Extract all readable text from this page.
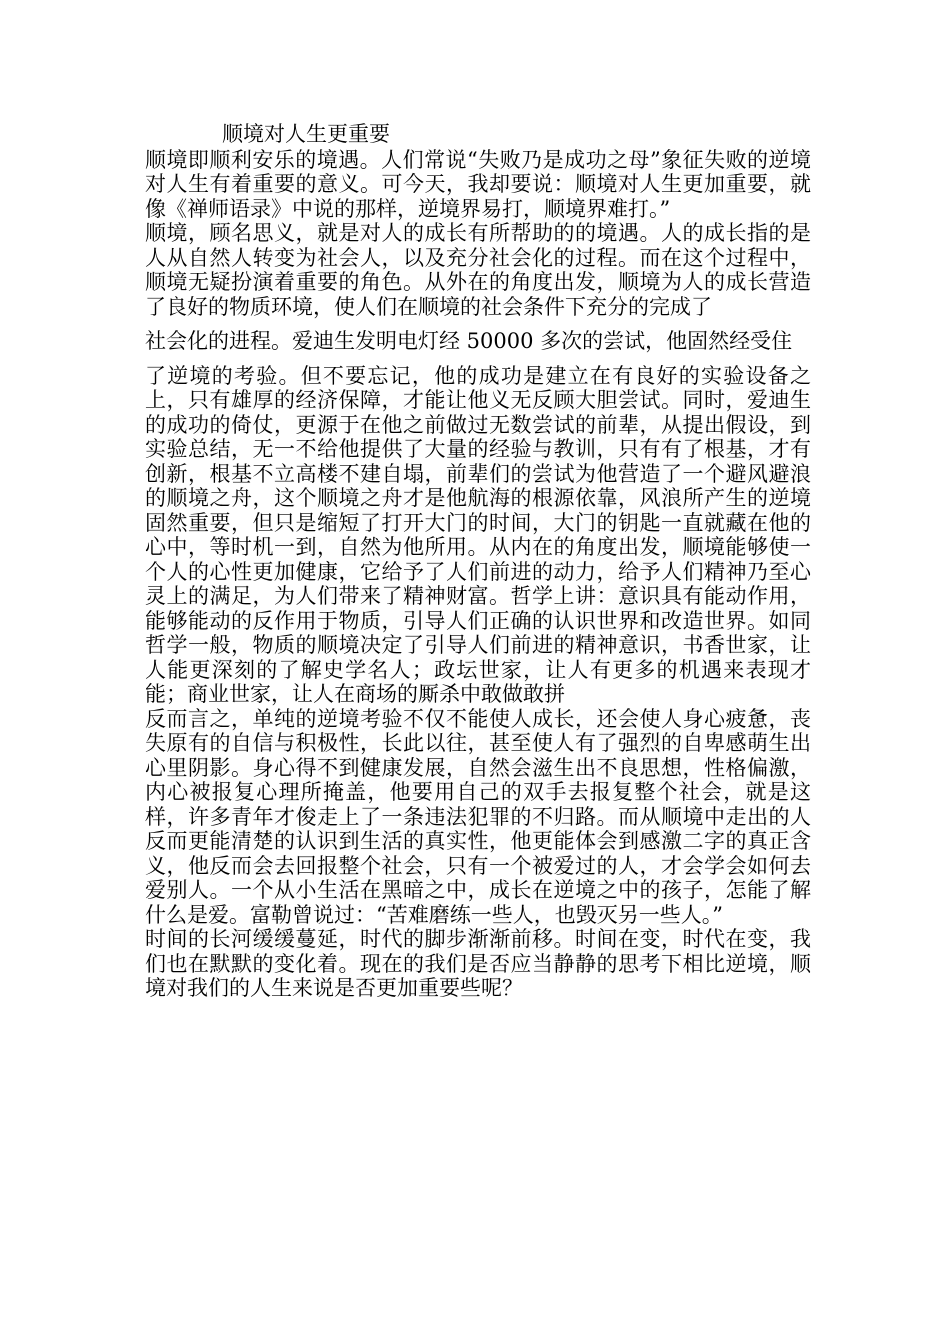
顺境对人生更重要

顺境即顺利安乐的境遇。人们常说“失败乃是成功之母”象征失败的逆境对人生有着重要的意义。可今天，我却要说：顺境对人生更加重要，就像《禅师语录》中说的那样，逆境界易打，顺境界难打。”

顺境，顾名思义，就是对人的成长有所帮助的的境遇。人的成长指的是人从自然人转变为社会人，以及充分社会化的过程。而在这个过程中，顺境无疑扮演着重要的角色。从外在的角度出发，顺境为人的成长营造了良好的物质环境，使人们在顺境的社会条件下充分的完成了

社会化的进程。爱迪生发明电灯经 50000 多次的尝试，他固然经受住

了逆境的考验。但不要忘记，他的成功是建立在有良好的实验设备之上，只有雄厚的经济保障，才能让他义无反顾大胆尝试。同时，爱迪生的成功的倚仗，更源于在他之前做过无数尝试的前辈，从提出假设，到实验总结，无一不给他提供了大量的经验与教训，只有有了根基，才有创新，根基不立高楼不建自塌，前辈们的尝试为他营造了一个避风避浪的顺境之舟，这个顺境之舟才是他航海的根源依靠，风浪所产生的逆境固然重要，但只是缩短了打开大门的时间，大门的钥匙一直就藏在他的心中，等时机一到，自然为他所用。从内在的角度出发，顺境能够使一个人的心性更加健康，它给予了人们前进的动力，给予人们精神乃至心灵上的满足，为人们带来了精神财富。哲学上讲：意识具有能动作用，能够能动的反作用于物质，引导人们正确的认识世界和改造世界。如同哲学一般，物质的顺境决定了引导人们前进的精神意识，书香世家，让人能更深刻的了解史学名人；政坛世家，让人有更多的机遇来表现才能；商业世家，让人在商场的厮杀中敢做敢拼

反而言之，单纯的逆境考验不仅不能使人成长，还会使人身心疲惫，丧失原有的自信与积极性，长此以往，甚至使人有了强烈的自卑感萌生出心里阴影。身心得不到健康发展，自然会滋生出不良思想，性格偏激，内心被报复心理所掩盖，他要用自己的双手去报复整个社会，就是这样，许多青年才俊走上了一条违法犯罪的不归路。而从顺境中走出的人反而更能清楚的认识到生活的真实性，他更能体会到感激二字的真正含义，他反而会去回报整个社会，只有一个被爱过的人，才会学会如何去爱别人。一个从小生活在黑暗之中，成长在逆境之中的孩子，怎能了解什么是爱。富勒曾说过：“苦难磨练一些人，也毁灭另一些人。”

时间的长河缓缓蔓延，时代的脚步渐渐前移。时间在变，时代在变，我们也在默默的变化着。现在的我们是否应当静静的思考下相比逆境，顺境对我们的人生来说是否更加重要些呢？
